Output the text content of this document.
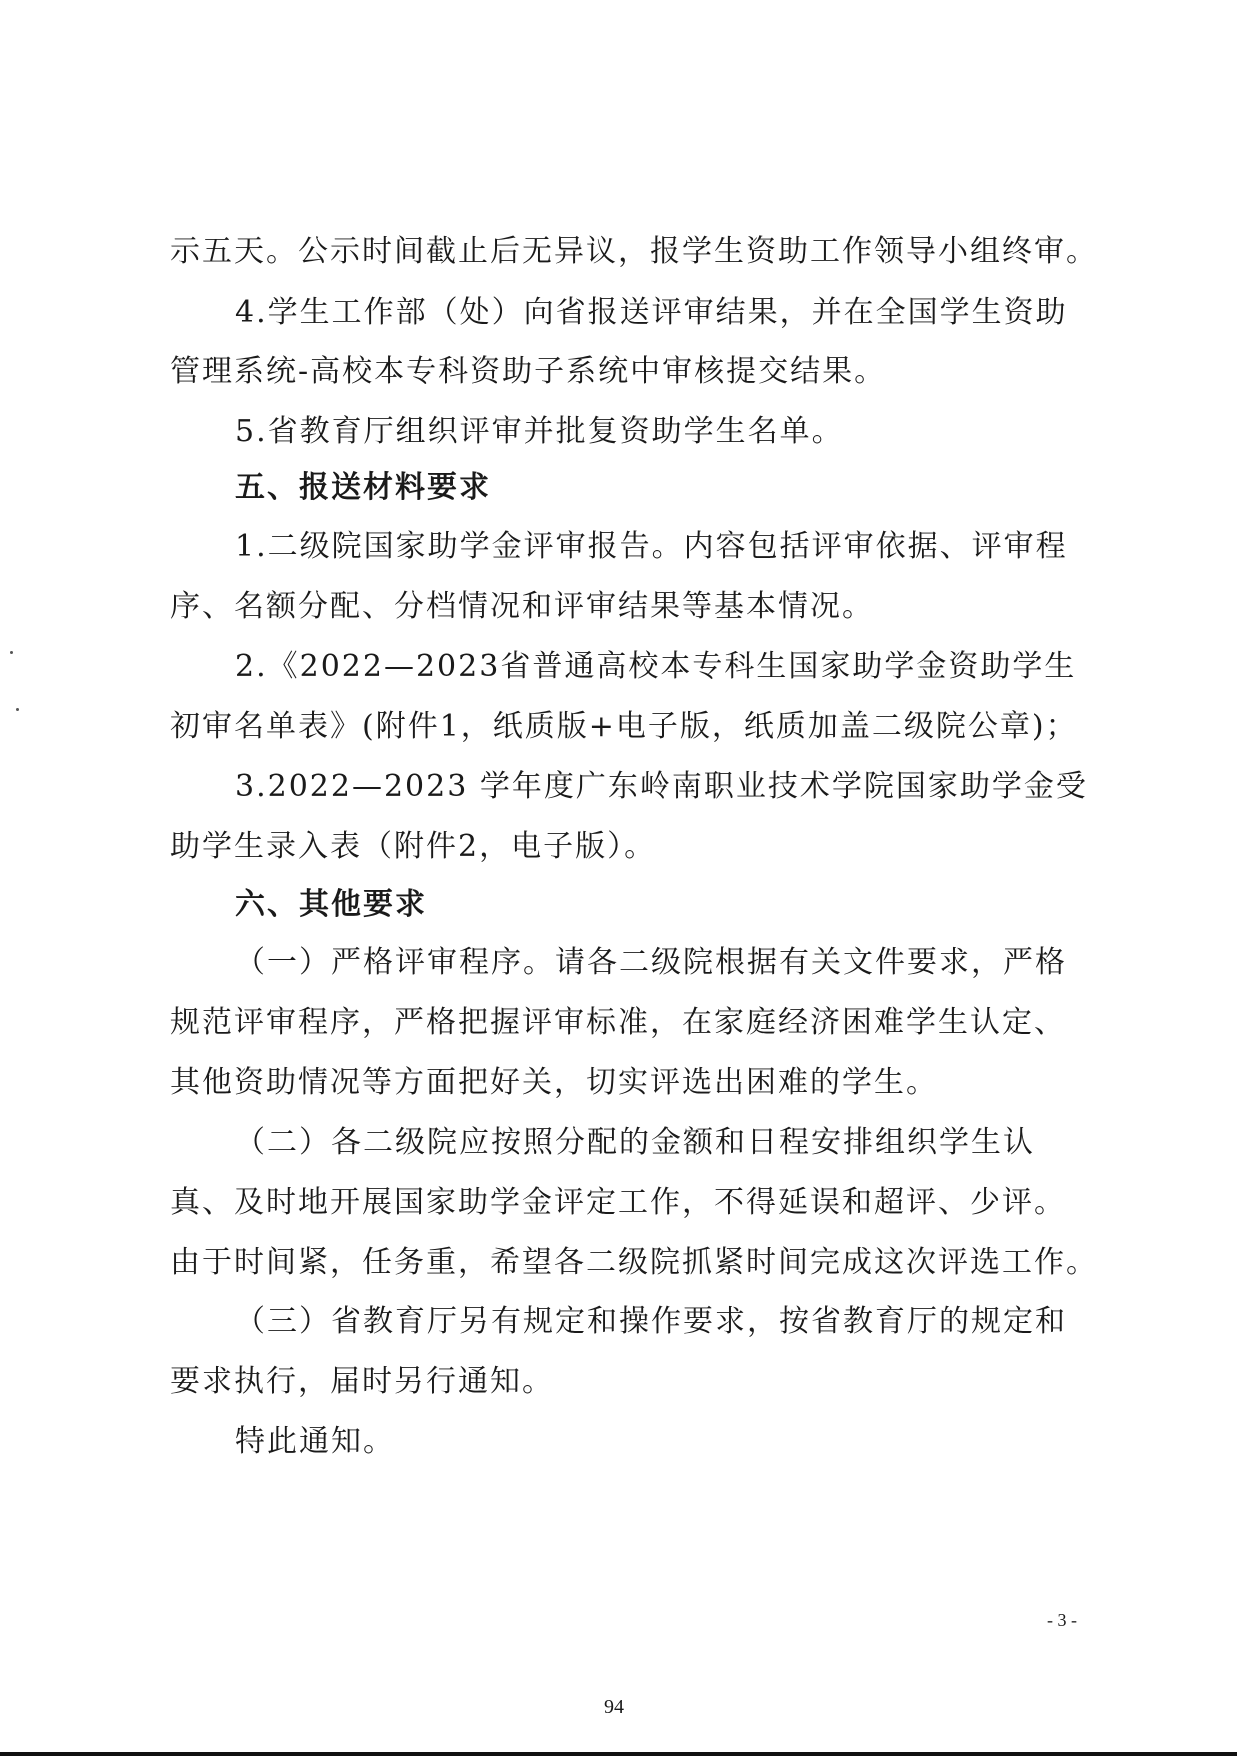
示五天。公示时间截止后无异议，报学生资助工作领导小组终审。
4.学生工作部（处）向省报送评审结果，并在全国学生资助
管理系统-高校本专科资助子系统中审核提交结果。
5.省教育厅组织评审并批复资助学生名单。
五、报送材料要求
1.二级院国家助学金评审报告。内容包括评审依据、评审程
序、名额分配、分档情况和评审结果等基本情况。
2.《2022—2023省普通高校本专科生国家助学金资助学生
初审名单表》(附件1，纸质版+电子版，纸质加盖二级院公章)；
3.2022—2023 学年度广东岭南职业技术学院国家助学金受
助学生录入表（附件2，电子版）。
六、其他要求
（一）严格评审程序。请各二级院根据有关文件要求，严格
规范评审程序，严格把握评审标准，在家庭经济困难学生认定、
其他资助情况等方面把好关，切实评选出困难的学生。
（二）各二级院应按照分配的金额和日程安排组织学生认
真、及时地开展国家助学金评定工作，不得延误和超评、少评。
由于时间紧，任务重，希望各二级院抓紧时间完成这次评选工作。
（三）省教育厅另有规定和操作要求，按省教育厅的规定和
要求执行，届时另行通知。
特此通知。
- 3 -
94
